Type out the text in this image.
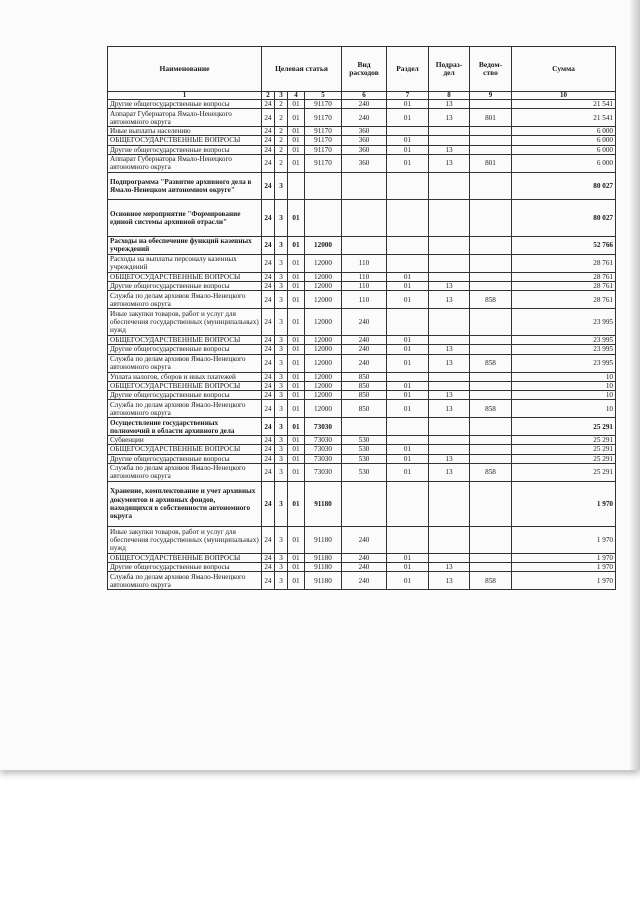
Наименование	Целевая статья				Вид расходов	Раздел	Подраз-дел	Ведом-ство	Сумма
1	2	3	4	5	6	7	8	9	10
Другие общегосударственные вопросы	24	2	01	91170	240	01	13		21 541
Аппарат Губернатора Ямало-Ненецкого автономного округа	24	2	01	91170	240	01	13	801	21 541
Иные выплаты населению	24	2	01	91170	360				6 000
ОБЩЕГОСУДАРСТВЕННЫЕ ВОПРОСЫ	24	2	01	91170	360	01			6 000
Другие общегосударственные вопросы	24	2	01	91170	360	01	13		6 000
Аппарат Губернатора Ямало-Ненецкого автономного округа	24	2	01	91170	360	01	13	801	6 000
Подпрограмма "Развитие архивного дела в Ямало-Ненецком автономном округе"	24	3							80 027
Основное мероприятие "Формирование единой системы архивной отрасли"	24	3	01						80 027
Расходы на обеспечение функций казенных учреждений	24	3	01	12000					52 766
Расходы на выплаты персоналу казенных учреждений	24	3	01	12000	110				28 761
ОБЩЕГОСУДАРСТВЕННЫЕ ВОПРОСЫ	24	3	01	12000	110	01			28 761
Другие общегосударственные вопросы	24	3	01	12000	110	01	13		28 761
Служба по делам архивов Ямало-Ненецкого автономного округа	24	3	01	12000	110	01	13	858	28 761
Иные закупки товаров, работ и услуг для обеспечения государственных (муниципальных) нужд	24	3	01	12000	240				23 995
ОБЩЕГОСУДАРСТВЕННЫЕ ВОПРОСЫ	24	3	01	12000	240	01			23 995
Другие общегосударственные вопросы	24	3	01	12000	240	01	13		23 995
Служба по делам архивов Ямало-Ненецкого автономного округа	24	3	01	12000	240	01	13	858	23 995
Уплата налогов, сборов и иных платежей	24	3	01	12000	850				10
ОБЩЕГОСУДАРСТВЕННЫЕ ВОПРОСЫ	24	3	01	12000	850	01			10
Другие общегосударственные вопросы	24	3	01	12000	850	01	13		10
Служба по делам архивов Ямало-Ненецкого автономного округа	24	3	01	12000	850	01	13	858	10
Осуществление государственных полномочий в области архивного дела	24	3	01	73030					25 291
Субвенции	24	3	01	73030	530				25 291
ОБЩЕГОСУДАРСТВЕННЫЕ ВОПРОСЫ	24	3	01	73030	530	01			25 291
Другие общегосударственные вопросы	24	3	01	73030	530	01	13		25 291
Служба по делам архивов Ямало-Ненецкого автономного округа	24	3	01	73030	530	01	13	858	25 291
Хранение, комплектование и учет архивных документов и архивных фондов, находящихся в собственности автономного округа	24	3	01	91180					1 970
Иные закупки товаров, работ и услуг для обеспечения государственных (муниципальных) нужд	24	3	01	91180	240				1 970
ОБЩЕГОСУДАРСТВЕННЫЕ ВОПРОСЫ	24	3	01	91180	240	01			1 970
Другие общегосударственные вопросы	24	3	01	91180	240	01	13		1 970
Служба по делам архивов Ямало-Ненецкого автономного округа	24	3	01	91180	240	01	13	858	1 970
